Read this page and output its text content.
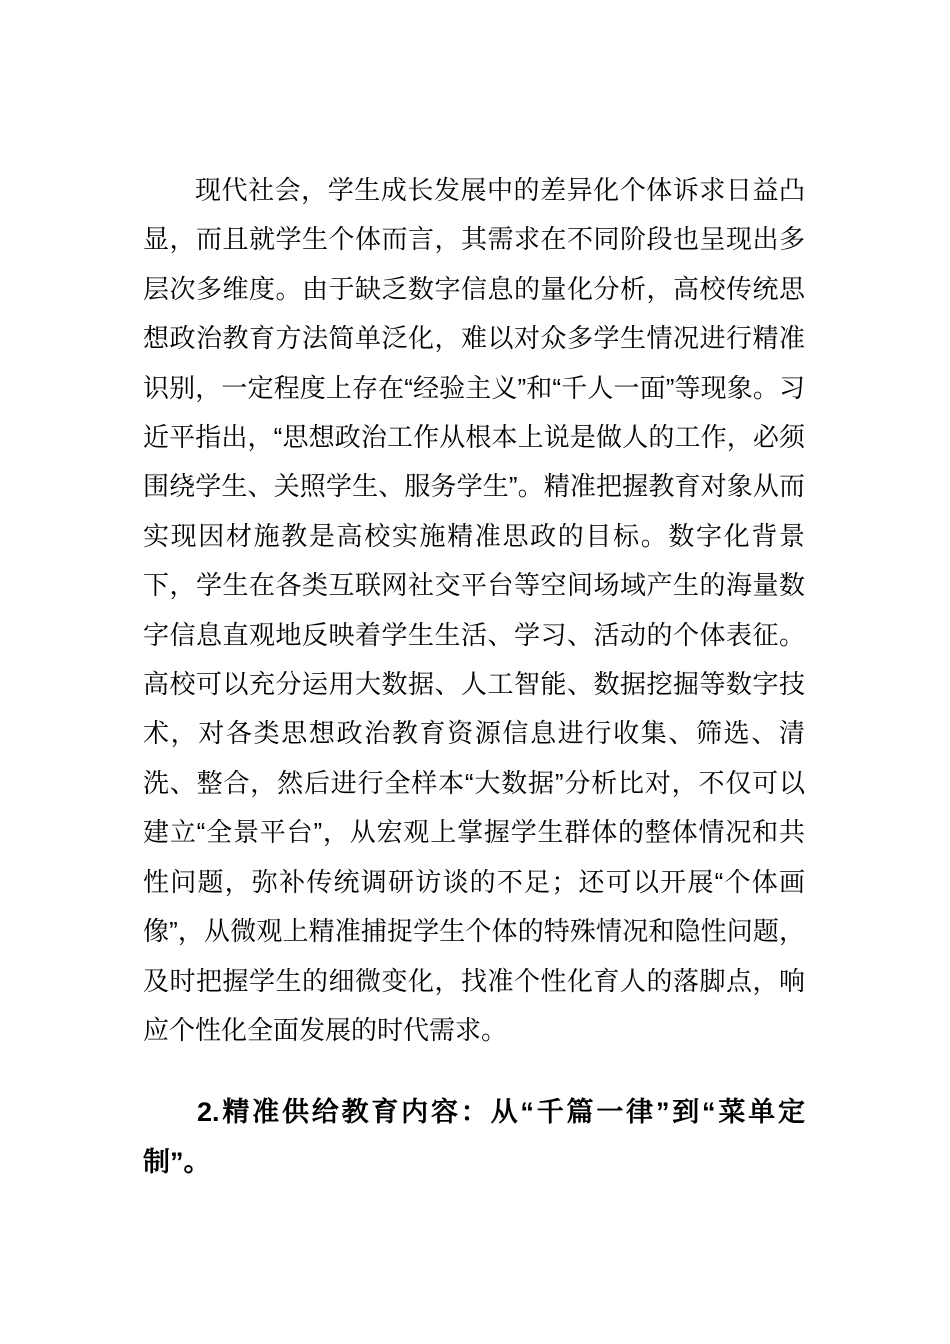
现代社会，学生成长发展中的差异化个体诉求日益凸显，而且就学生个体而言，其需求在不同阶段也呈现出多层次多维度。由于缺乏数字信息的量化分析，高校传统思想政治教育方法简单泛化，难以对众多学生情况进行精准识别，一定程度上存在“经验主义”和“千人一面”等现象。习近平指出，“思想政治工作从根本上说是做人的工作，必须围绕学生、关照学生、服务学生”。精准把握教育对象从而实现因材施教是高校实施精准思政的目标。数字化背景下，学生在各类互联网社交平台等空间场域产生的海量数字信息直观地反映着学生生活、学习、活动的个体表征。高校可以充分运用大数据、人工智能、数据挖掘等数字技术，对各类思想政治教育资源信息进行收集、筛选、清洗、整合，然后进行全样本“大数据”分析比对，不仅可以建立“全景平台”，从宏观上掌握学生群体的整体情况和共性问题，弥补传统调研访谈的不足；还可以开展“个体画像”，从微观上精准捕捉学生个体的特殊情况和隐性问题，及时把握学生的细微变化，找准个性化育人的落脚点，响应个性化全面发展的时代需求。

2.精准供给教育内容：从“千篇一律”到“菜单定制”。
